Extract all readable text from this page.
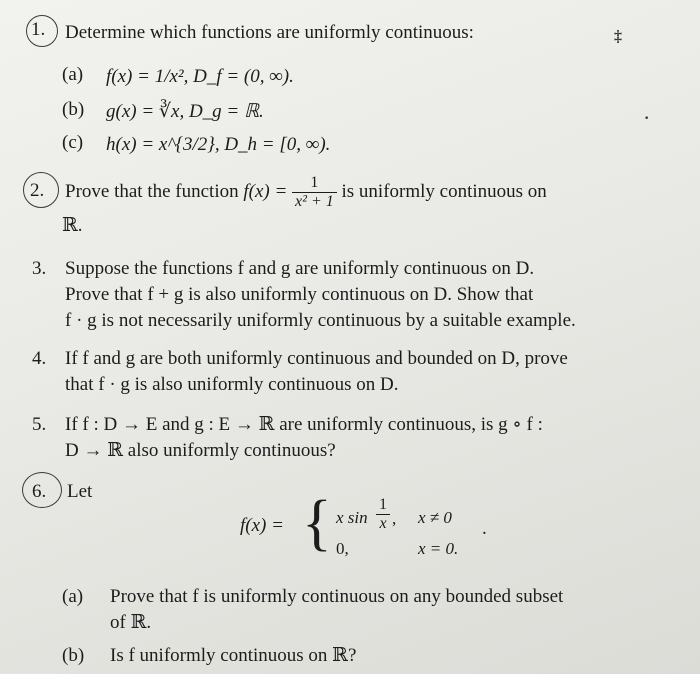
1. Determine which functions are uniformly continuous:	‡
(a) f(x) = 1/x², D_f = (0, ∞).
(b) g(x) = ∛x, D_g = ℝ.	·
(c) h(x) = x^{3/2}, D_h = [0, ∞).
2. Prove that the function $f(x) = \frac{1}{\text{x² + 1}}$ is uniformly continuous on
ℝ.
3. Suppose the functions f and g are uniformly continuous on D.
Prove that f + g is also uniformly continuous on D. Show that
f · g is not necessarily uniformly continuous by a suitable example.
4. If f and g are both uniformly continuous and bounded on D, prove
that f · g is also uniformly continuous on D.
5. If f : D → E and g : E → ℝ are uniformly continuous, is g ∘ f :
D → ℝ also uniformly continuous?
6. Let
f(x) = { x $\sin \frac{1}{x}$ , x ≠ 0
0,	x = 0.
.
(a) Prove that f is uniformly continuous on any bounded subset
of ℝ.
(b) Is f uniformly continuous on ℝ?
